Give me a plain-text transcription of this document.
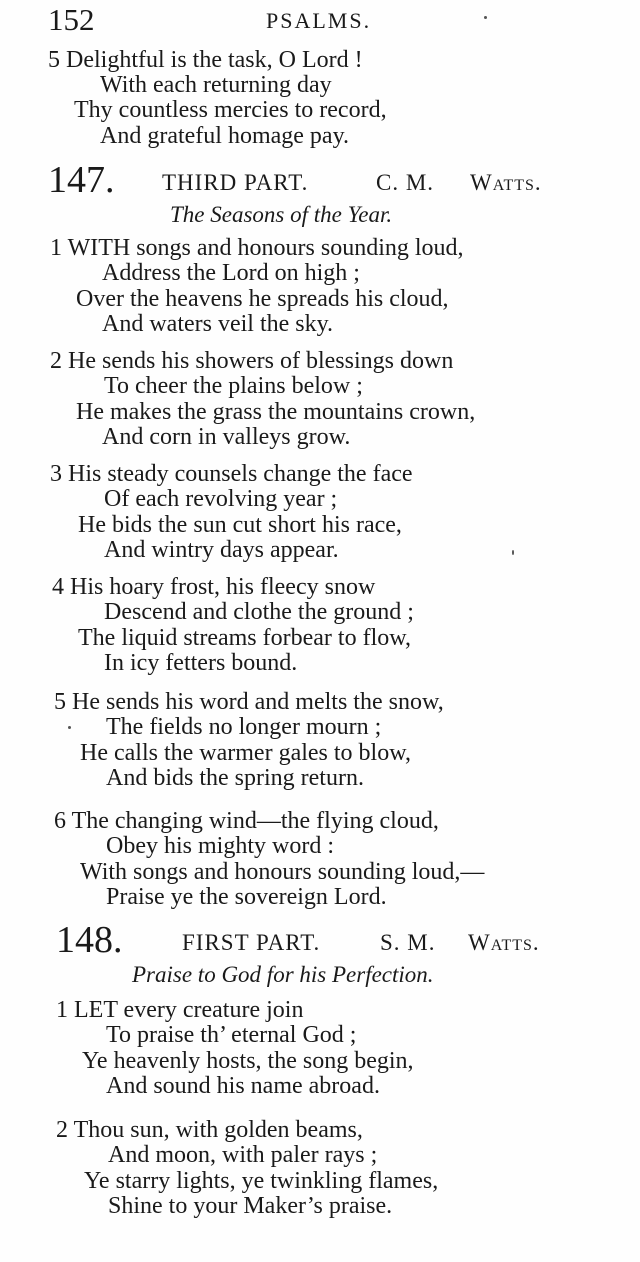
152	PSALMS.
5 Delightful is the task, O Lord !
With each returning day
Thy countless mercies to record,
And grateful homage pay.
147. THIRD PART.	C. M. Watts.
The Seasons of the Year.
1 WITH songs and honours sounding loud,
Address the Lord on high ;
Over the heavens he spreads his cloud,
And waters veil the sky.
2 He sends his showers of blessings down
To cheer the plains below ;
He makes the grass the mountains crown,
And corn in valleys grow.
3 His steady counsels change the face
Of each revolving year ;
He bids the sun cut short his race,
And wintry days appear.
4 His hoary frost, his fleecy snow
Descend and clothe the ground ;
The liquid streams forbear to flow,
In icy fetters bound.
5 He sends his word and melts the snow,
The fields no longer mourn ;
He calls the warmer gales to blow,
And bids the spring return.
6 The changing wind—the flying cloud,
Obey his mighty word :
With songs and honours sounding loud,—
Praise ye the sovereign Lord.
148.	FIRST PART.	S. M. Watts.
Praise to God for his Perfection.
1 LET every creature join
To praise th’ eternal God ;
Ye heavenly hosts, the song begin,
And sound his name abroad.
2 Thou sun, with golden beams,
And moon, with paler rays ;
Ye starry lights, ye twinkling flames,
Shine to your Maker’s praise.
